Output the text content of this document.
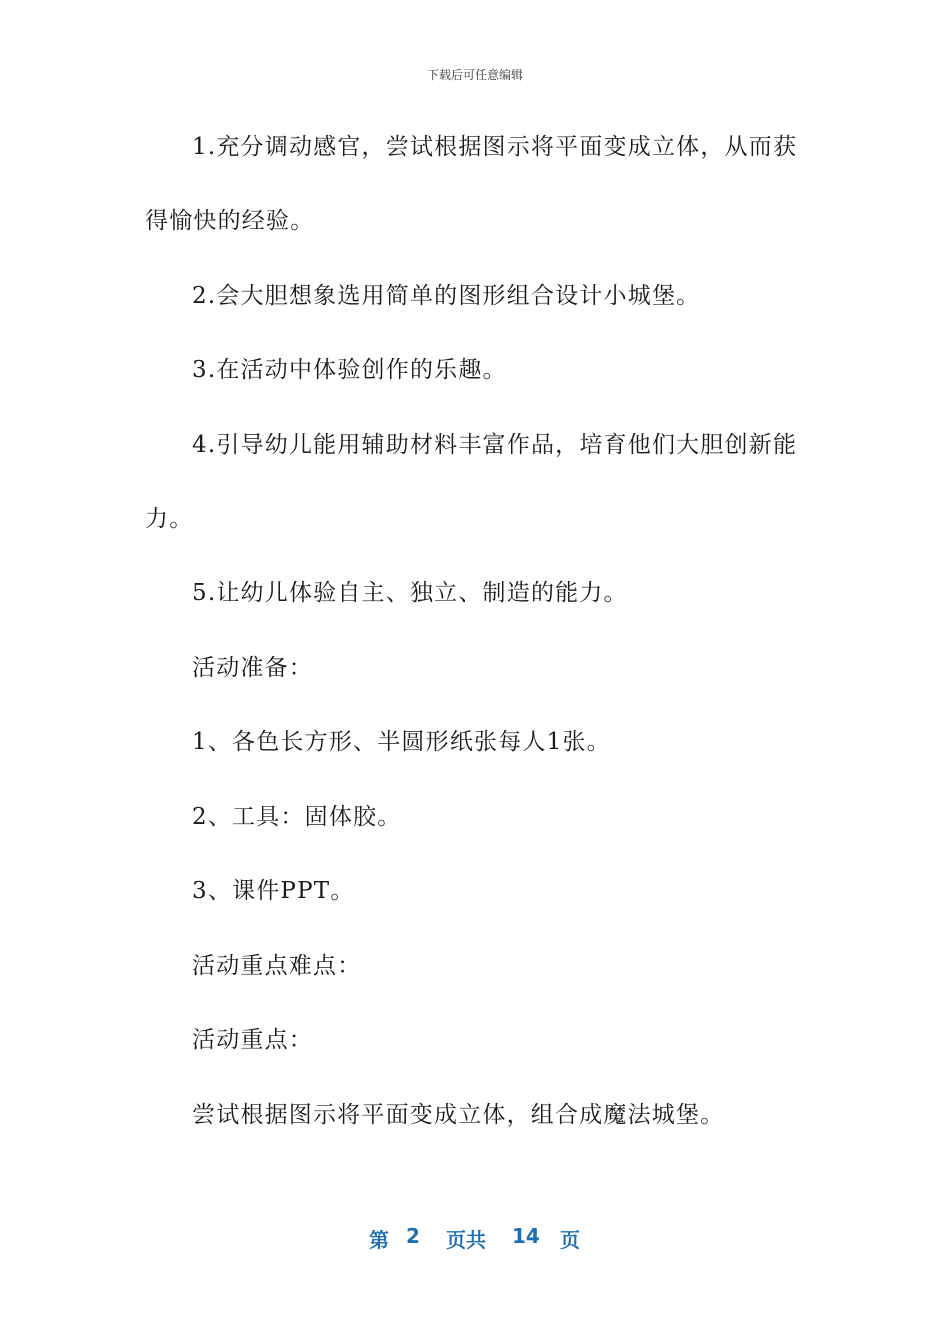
下载后可任意编辑

1.充分调动感官，尝试根据图示将平面变成立体，从而获

得愉快的经验。

2.会大胆想象选用简单的图形组合设计小城堡。

3.在活动中体验创作的乐趣。

4.引导幼儿能用辅助材料丰富作品，培育他们大胆创新能

力。

5.让幼儿体验自主、独立、制造的能力。

活动准备：

1、各色长方形、半圆形纸张每人1张。

2、工具：固体胶。

3、课件PPT。

活动重点难点：

活动重点：

尝试根据图示将平面变成立体，组合成魔法城堡。

第 2 页共 14 页
